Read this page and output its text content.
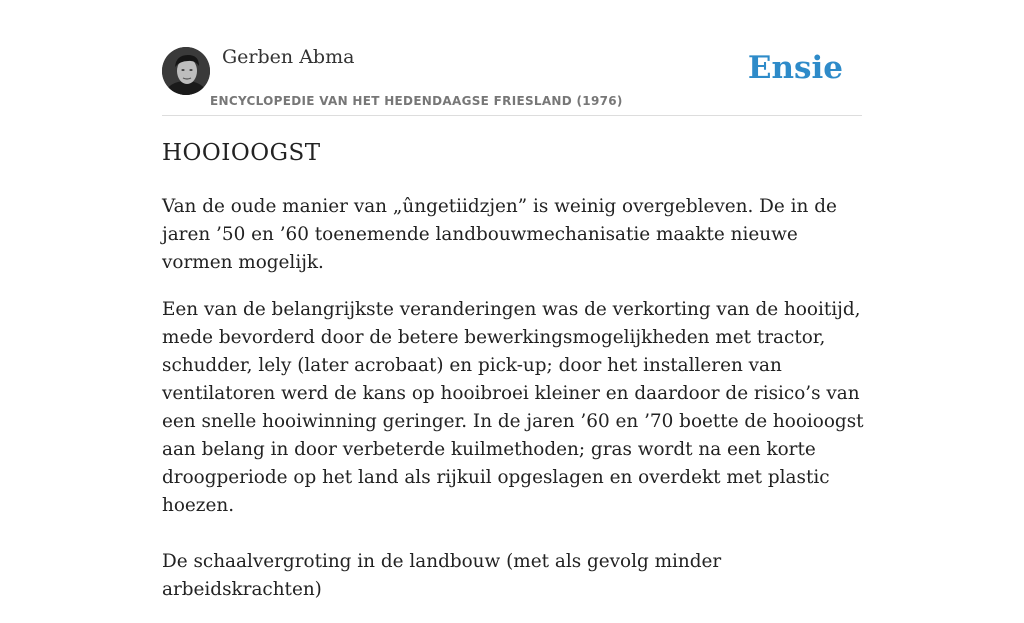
Gerben Abma
ENCYCLOPEDIE VAN HET HEDENDAAGSE FRIESLAND (1976)
Ensie
HOOIOOGST

Van de oude manier van „ûngetiidzjen” is weinig overgebleven. De in de jaren ’50 en ’60 toenemende landbouwmechanisatie maakte nieuwe vormen mogelijk.

Een van de belangrijkste veranderingen was de verkorting van de hooitijd, mede bevorderd door de betere bewerkingsmogelijkheden met tractor, schudder, lely (later acrobaat) en pick-up; door het installeren van ventilatoren werd de kans op hooibroei kleiner en daardoor de risico’s van een snelle hooiwinning geringer. In de jaren ’60 en ’70 boette de hooioogst aan belang in door verbeterde kuilmethoden; gras wordt na een korte droogperiode op het land als rijkuil opgeslagen en overdekt met plastic hoezen.

De schaalvergroting in de landbouw (met als gevolg minder arbeidskrachten)
